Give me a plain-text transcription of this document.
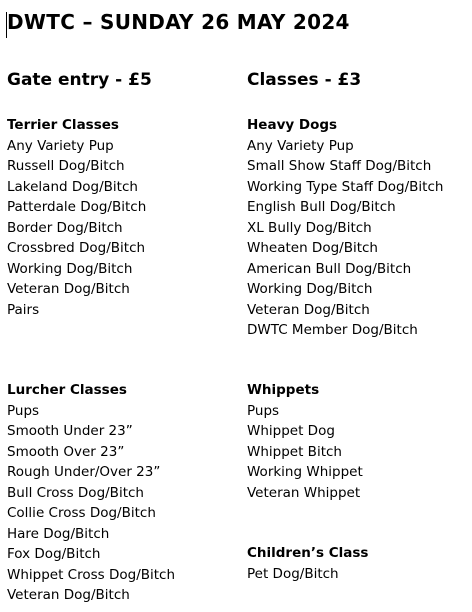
DWTC – SUNDAY 26 MAY 2024
Gate entry - £5	Classes - £3
Terrier Classes
Any Variety Pup
Russell Dog/Bitch
Lakeland Dog/Bitch
Patterdale Dog/Bitch
Border Dog/Bitch
Crossbred Dog/Bitch
Working Dog/Bitch
Veteran Dog/Bitch
Pairs
Heavy Dogs
Any Variety Pup
Small Show Staff Dog/Bitch
Working Type Staff Dog/Bitch
English Bull Dog/Bitch
XL Bully Dog/Bitch
Wheaten Dog/Bitch
American Bull Dog/Bitch
Working Dog/Bitch
Veteran Dog/Bitch
DWTC Member Dog/Bitch
Lurcher Classes
Pups
Smooth Under 23”
Smooth Over 23”
Rough Under/Over 23”
Bull Cross Dog/Bitch
Collie Cross Dog/Bitch
Hare Dog/Bitch
Fox Dog/Bitch
Whippet Cross Dog/Bitch
Veteran Dog/Bitch
Whippets
Pups
Whippet Dog
Whippet Bitch
Working Whippet
Veteran Whippet
Children’s Class
Pet Dog/Bitch
